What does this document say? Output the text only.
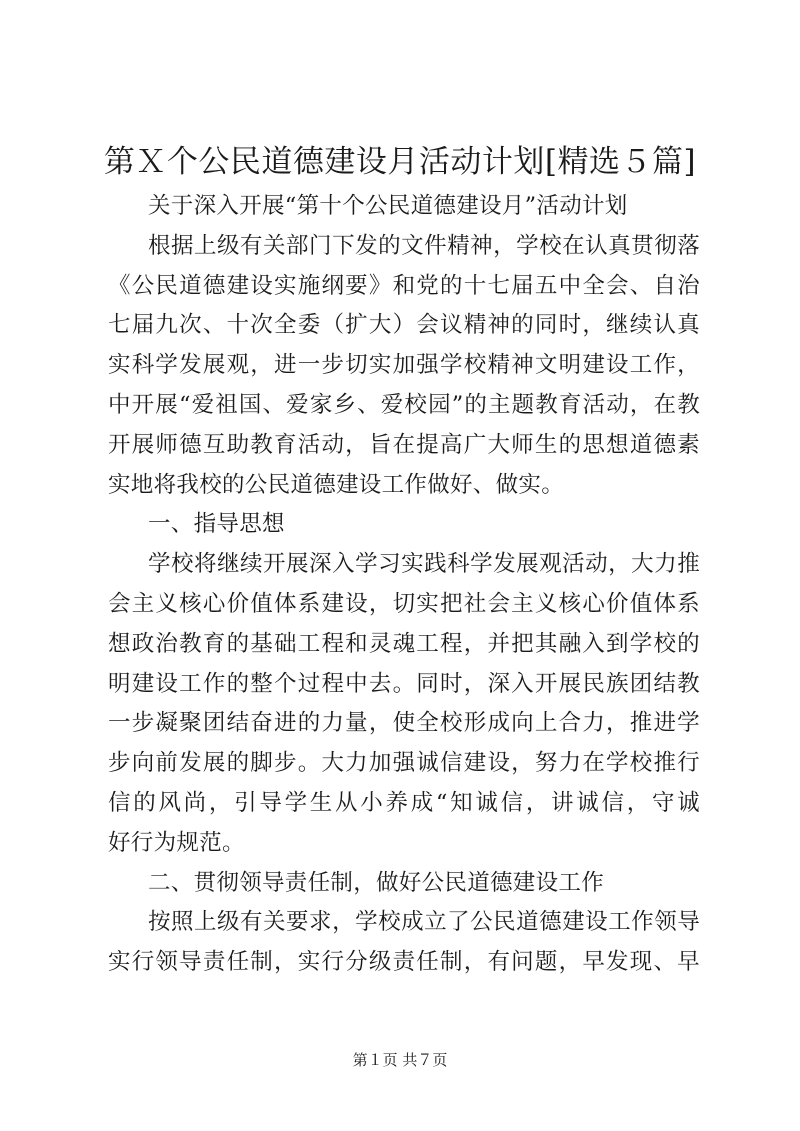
第Ｘ个公民道德建设月活动计划[精选５篇]
关于深入开展“第十个公民道德建设月”活动计划
根据上级有关部门下发的文件精神，学校在认真贯彻落
《公民道德建设实施纲要》和党的十七届五中全会、自治
七届九次、十次全委（扩大）会议精神的同时，继续认真
实科学发展观，进一步切实加强学校精神文明建设工作，
中开展“爱祖国、爱家乡、爱校园”的主题教育活动，在教
开展师德互助教育活动，旨在提高广大师生的思想道德素
实地将我校的公民道德建设工作做好、做实。
一、指导思想
学校将继续开展深入学习实践科学发展观活动，大力推
会主义核心价值体系建设，切实把社会主义核心价值体系
想政治教育的基础工程和灵魂工程，并把其融入到学校的
明建设工作的整个过程中去。同时，深入开展民族团结教
一步凝聚团结奋进的力量，使全校形成向上合力，推进学
步向前发展的脚步。大力加强诚信建设，努力在学校推行
信的风尚，引导学生从小养成“知诚信，讲诚信，守诚
好行为规范。
二、贯彻领导责任制，做好公民道德建设工作
按照上级有关要求，学校成立了公民道德建设工作领导
实行领导责任制，实行分级责任制，有问题，早发现、早
第１页 共７页
